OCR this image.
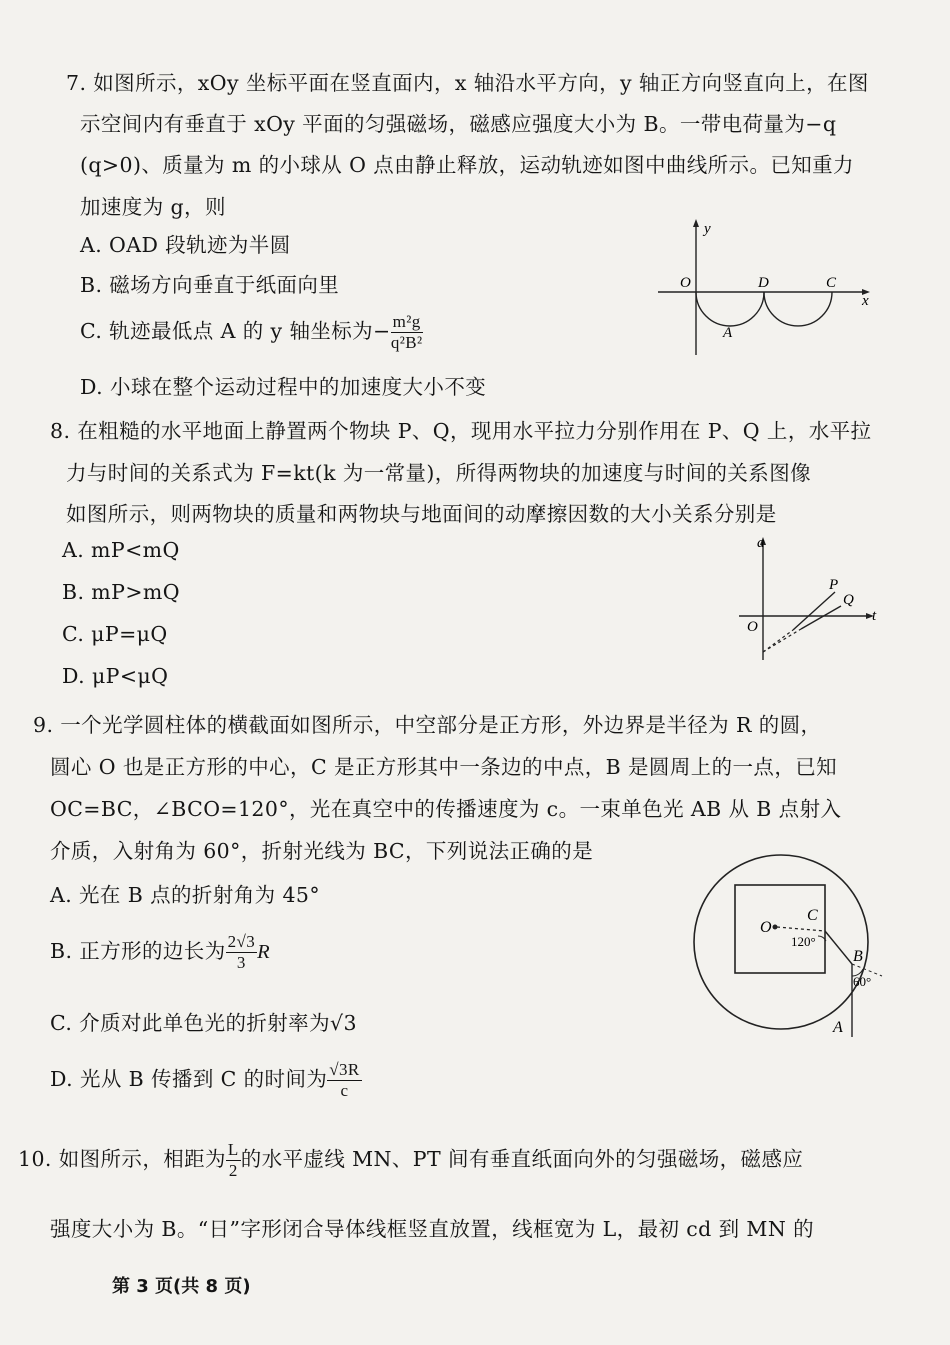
7. 如图所示，xOy 坐标平面在竖直面内，x 轴沿水平方向，y 轴正方向竖直向上，在图
示空间内有垂直于 xOy 平面的匀强磁场，磁感应强度大小为 B。一带电荷量为−q
(q>0)、质量为 m 的小球从 O 点由静止释放，运动轨迹如图中曲线所示。已知重力
加速度为 g，则
A. OAD 段轨迹为半圆
B. 磁场方向垂直于纸面向里
C. 轨迹最低点 A 的 y 轴坐标为− $\frac{\text{m²g}}{\text{q²B²}}$
D. 小球在整个运动过程中的加速度大小不变
y
x
O
A
D	C
8. 在粗糙的水平地面上静置两个物块 P、Q，现用水平拉力分别作用在 P、Q 上，水平拉
力与时间的关系式为 F=kt(k 为一常量)，所得两物块的加速度与时间的关系图像
如图所示，则两物块的质量和两物块与地面间的动摩擦因数的大小关系分别是
A. mP<mQ
B. mP>mQ
C. μP=μQ
D. μP<μQ
a
t
O
P
Q
9. 一个光学圆柱体的横截面如图所示，中空部分是正方形，外边界是半径为 R 的圆，
圆心 O 也是正方形的中心，C 是正方形其中一条边的中点，B 是圆周上的一点，已知
OC=BC，∠BCO=120°，光在真空中的传播速度为 c。一束单色光 AB 从 B 点射入
介质，入射角为 60°，折射光线为 BC，下列说法正确的是
A. 光在 B 点的折射角为 45°
B. 正方形的边长为 $\frac{2√3}{3}$ R
C. 介质对此单色光的折射率为√3
D. 光从 B 传播到 C 的时间为 $\frac{√3R}{c}$
O
C
120°
B
60°
A
10. 如图所示，相距为 $\frac{L}{2}$ 的水平虚线 MN、PT 间有垂直纸面向外的匀强磁场，磁感应
强度大小为 B。“日”字形闭合导体线框竖直放置，线框宽为 L，最初 cd 到 MN 的
第 3 页(共 8 页)
